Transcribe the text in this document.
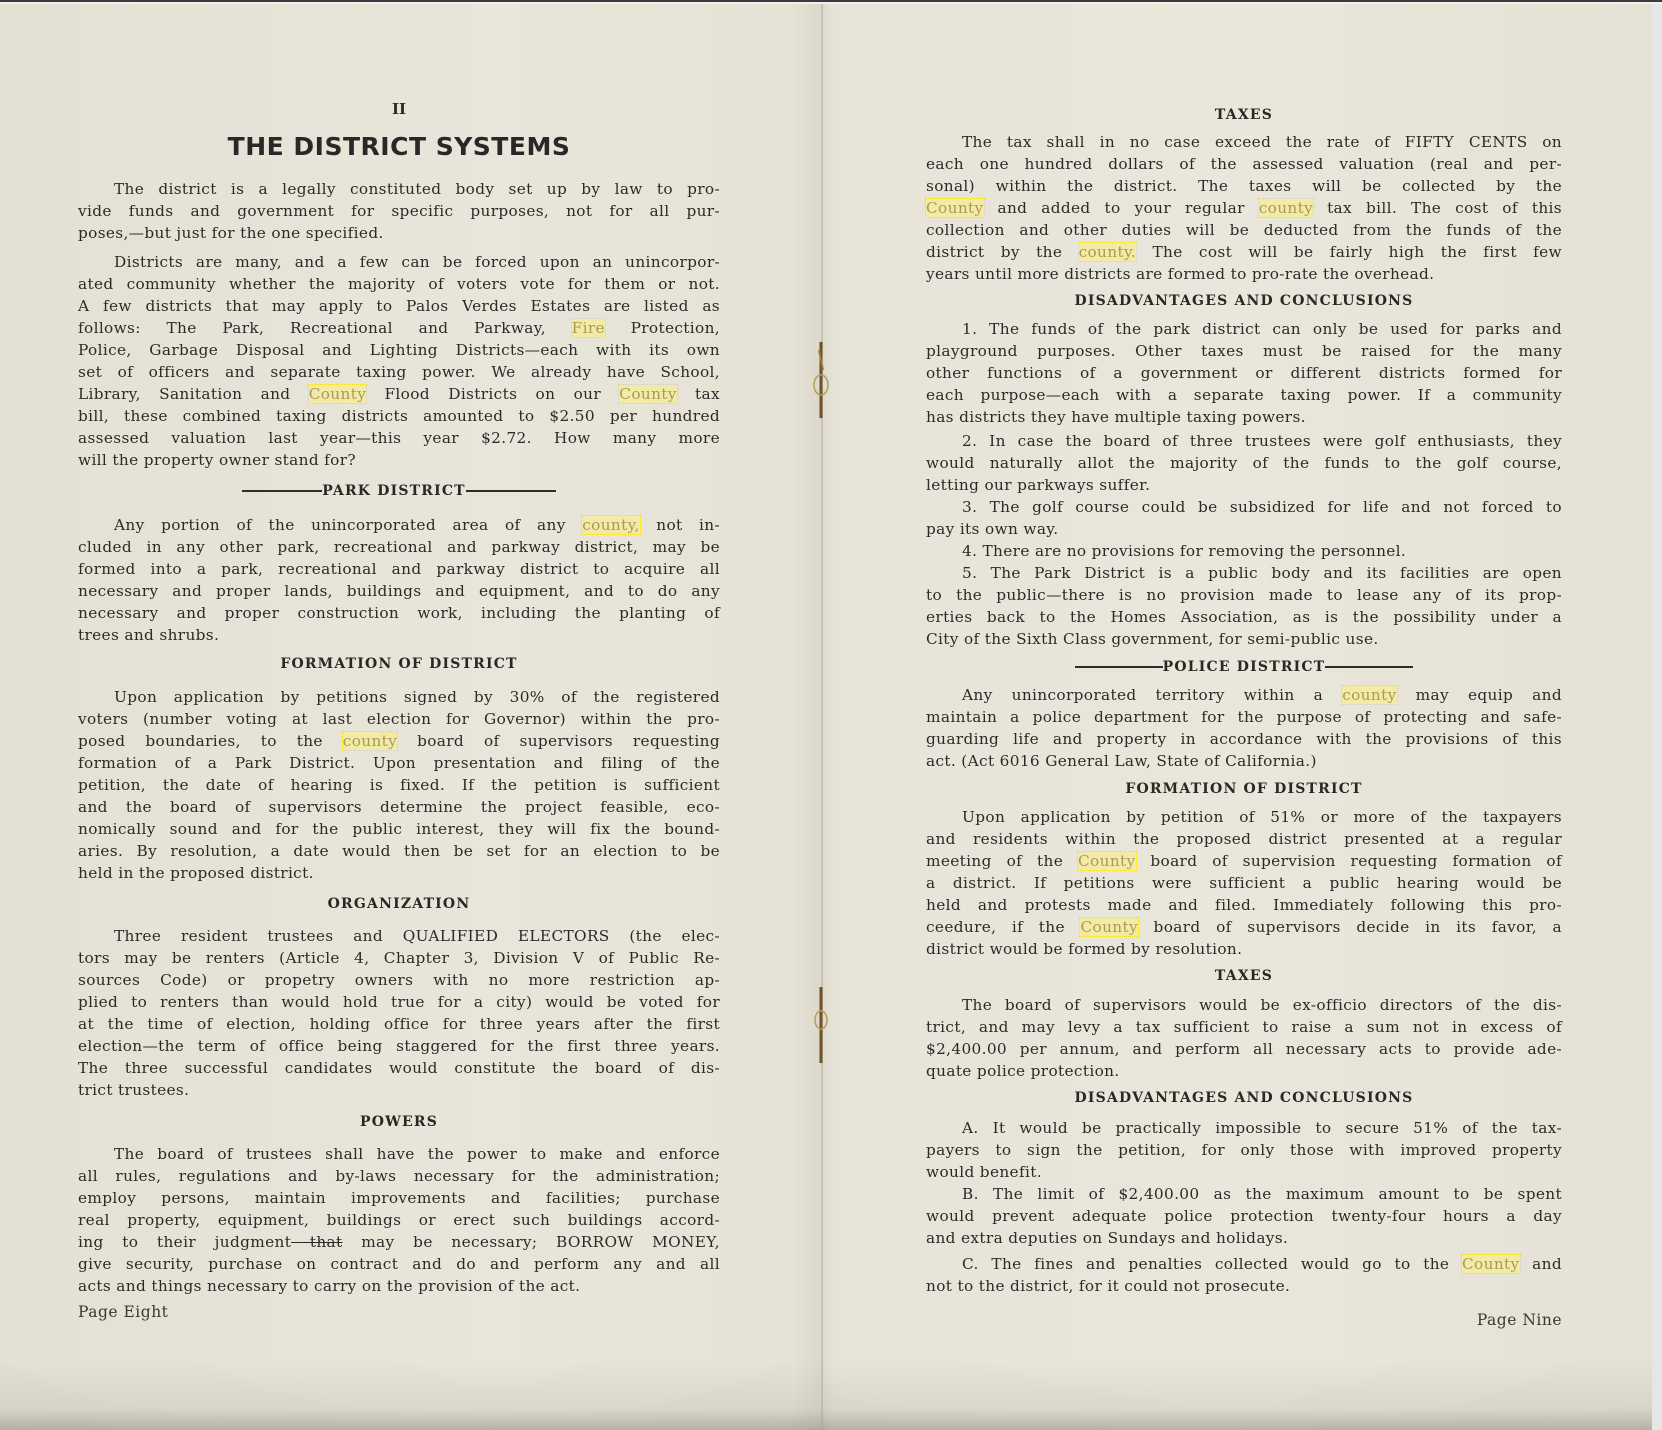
II
THE DISTRICT SYSTEMS
The district is a legally constituted body set up by law to pro-
vide funds and government for specific purposes, not for all pur-
poses,—but just for the one specified.
Districts are many, and a few can be forced upon an unincorpor-
ated community whether the majority of voters vote for them or not.
A few districts that may apply to Palos Verdes Estates are listed as
follows: The Park, Recreational and Parkway, Fire Protection,
Police, Garbage Disposal and Lighting Districts—each with its own
set of officers and separate taxing power. We already have School,
Library, Sanitation and County Flood Districts on our County tax
bill, these combined taxing districts amounted to $2.50 per hundred
assessed valuation last year—this year $2.72. How many more
will the property owner stand for?
PARK DISTRICT
Any portion of the unincorporated area of any county, not in-
cluded in any other park, recreational and parkway district, may be
formed into a park, recreational and parkway district to acquire all
necessary and proper lands, buildings and equipment, and to do any
necessary and proper construction work, including the planting of
trees and shrubs.
FORMATION OF DISTRICT
Upon application by petitions signed by 30% of the registered
voters (number voting at last election for Governor) within the pro-
posed boundaries, to the county board of supervisors requesting
formation of a Park District. Upon presentation and filing of the
petition, the date of hearing is fixed. If the petition is sufficient
and the board of supervisors determine the project feasible, eco-
nomically sound and for the public interest, they will fix the bound-
aries. By resolution, a date would then be set for an election to be
held in the proposed district.
ORGANIZATION
Three resident trustees and QUALIFIED ELECTORS (the elec-
tors may be renters (Article 4, Chapter 3, Division V of Public Re-
sources Code) or propetry owners with no more restriction ap-
plied to renters than would hold true for a city) would be voted for
at the time of election, holding office for three years after the first
election—the term of office being staggered for the first three years.
The three successful candidates would constitute the board of dis-
trict trustees.
POWERS
The board of trustees shall have the power to make and enforce
all rules, regulations and by-laws necessary for the administration;
employ persons, maintain improvements and facilities; purchase
real property, equipment, buildings or erect such buildings accord-
ing to their judgment that may be necessary; BORROW MONEY,
give security, purchase on contract and do and perform any and all
acts and things necessary to carry on the provision of the act.
Page Eight
TAXES
The tax shall in no case exceed the rate of FIFTY CENTS on
each one hundred dollars of the assessed valuation (real and per-
sonal) within the district. The taxes will be collected by the
County and added to your regular county tax bill. The cost of this
collection and other duties will be deducted from the funds of the
district by the county. The cost will be fairly high the first few
years until more districts are formed to pro-rate the overhead.
DISADVANTAGES AND CONCLUSIONS
1. The funds of the park district can only be used for parks and
playground purposes. Other taxes must be raised for the many
other functions of a government or different districts formed for
each purpose—each with a separate taxing power. If a community
has districts they have multiple taxing powers.
2. In case the board of three trustees were golf enthusiasts, they
would naturally allot the majority of the funds to the golf course,
letting our parkways suffer.
3. The golf course could be subsidized for life and not forced to
pay its own way.
4. There are no provisions for removing the personnel.
5. The Park District is a public body and its facilities are open
to the public—there is no provision made to lease any of its prop-
erties back to the Homes Association, as is the possibility under a
City of the Sixth Class government, for semi-public use.
POLICE DISTRICT
Any unincorporated territory within a county may equip and
maintain a police department for the purpose of protecting and safe-
guarding life and property in accordance with the provisions of this
act. (Act 6016 General Law, State of California.)
FORMATION OF DISTRICT
Upon application by petition of 51% or more of the taxpayers
and residents within the proposed district presented at a regular
meeting of the County board of supervision requesting formation of
a district. If petitions were sufficient a public hearing would be
held and protests made and filed. Immediately following this pro-
ceedure, if the County board of supervisors decide in its favor, a
district would be formed by resolution.
TAXES
The board of supervisors would be ex-officio directors of the dis-
trict, and may levy a tax sufficient to raise a sum not in excess of
$2,400.00 per annum, and perform all necessary acts to provide ade-
quate police protection.
DISADVANTAGES AND CONCLUSIONS
A. It would be practically impossible to secure 51% of the tax-
payers to sign the petition, for only those with improved property
would benefit.
B. The limit of $2,400.00 as the maximum amount to be spent
would prevent adequate police protection twenty-four hours a day
and extra deputies on Sundays and holidays.
C. The fines and penalties collected would go to the County and
not to the district, for it could not prosecute.
Page Nine
